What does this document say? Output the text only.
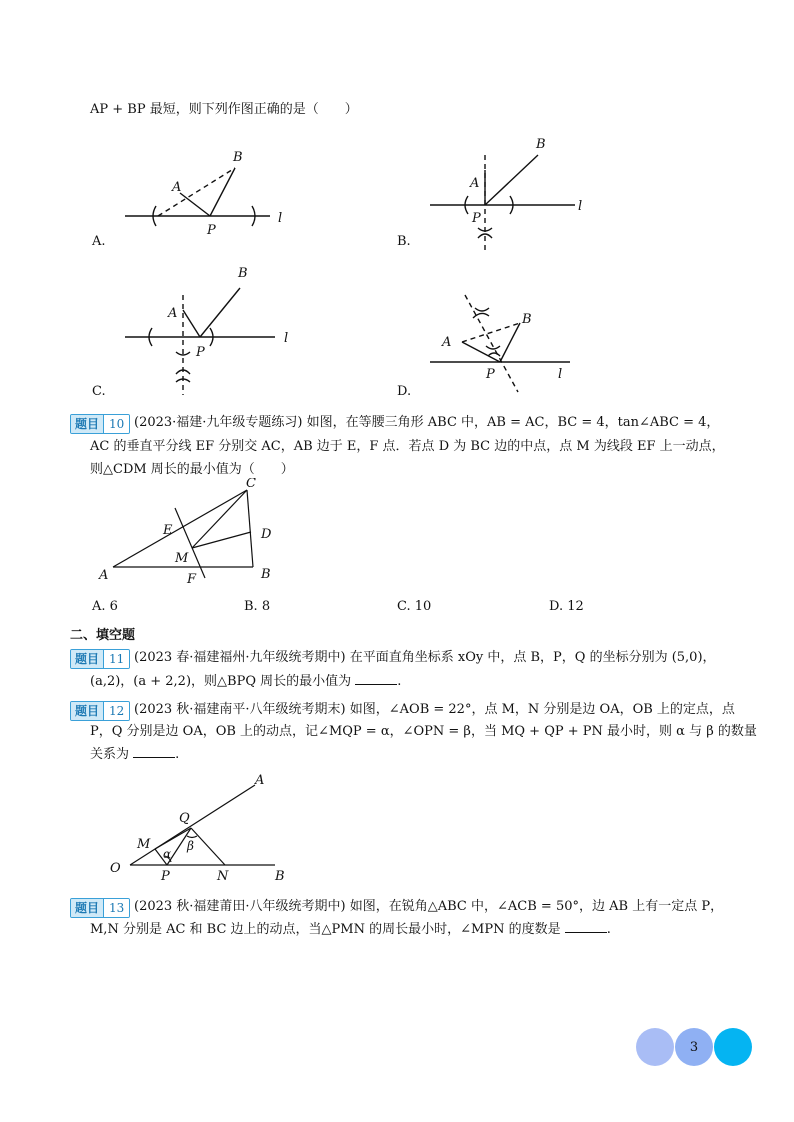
AP + BP 最短，则下列作图正确的是（　　）
A
B
P
l
A
B
P
l
A
B
P
l	A
B
P	l
A.	B.
C.	D.
题目 10 (2023·福建·九年级专题练习) 如图，在等腰三角形 ABC 中，AB = AC，BC = 4，tan∠ABC = 4，
AC 的垂直平分线 EF 分别交 AC，AB 边于 E，F 点．若点 D 为 BC 边的中点，点 M 为线段 EF 上一动点，
则△CDM 周长的最小值为（　　）
C
E	D
M
A	F	B
A. 6	B. 8	C. 10	D. 12
二、填空题
题目 11 (2023 春·福建福州·九年级统考期中) 在平面直角坐标系 xOy 中，点 B，P，Q 的坐标分别为 (5,0)，
(a,2)，(a + 2,2)，则△BPQ 周长的最小值为	.
题目 12 (2023 秋·福建南平·八年级统考期末) 如图，∠AOB = 22°，点 M，N 分别是边 OA，OB 上的定点，点
P，Q 分别是边 OA，OB 上的动点，记∠MQP = α，∠OPN = β，当 MQ + QP + PN 最小时，则 α 与 β 的数量
关系为	.
A
Q
M
α
β
O
P	N	B
题目 13 (2023 秋·福建莆田·八年级统考期中) 如图，在锐角△ABC 中，∠ACB = 50°，边 AB 上有一定点 P，
M,N 分别是 AC 和 BC 边上的动点，当△PMN 的周长最小时，∠MPN 的度数是	.
3
